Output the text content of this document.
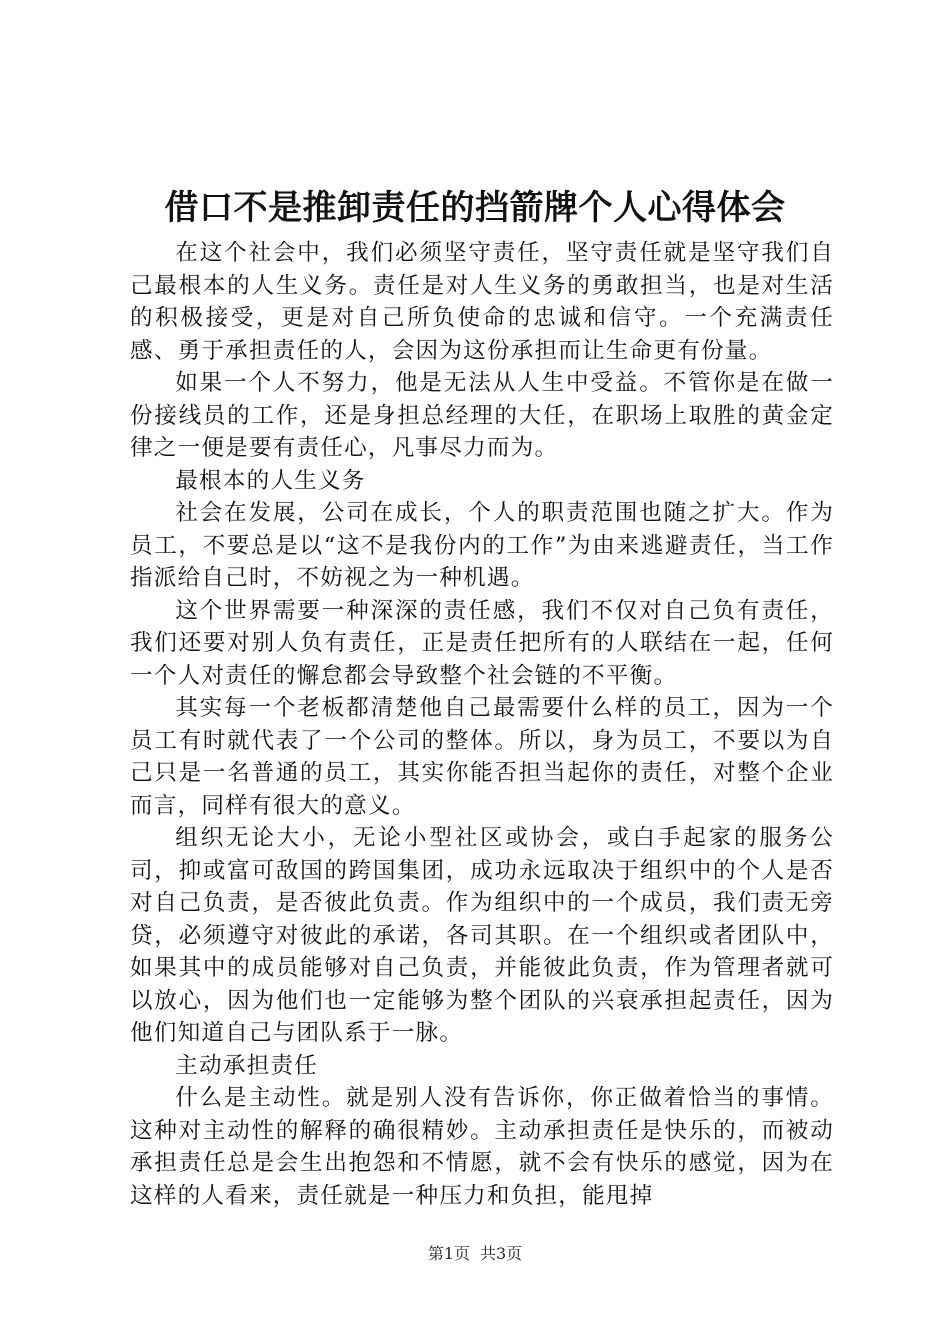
借口不是推卸责任的挡箭牌个人心得体会

在这个社会中，我们必须坚守责任，坚守责任就是坚守我们自己最根本的人生义务。责任是对人生义务的勇敢担当，也是对生活的积极接受，更是对自己所负使命的忠诚和信守。一个充满责任感、勇于承担责任的人，会因为这份承担而让生命更有份量。

如果一个人不努力，他是无法从人生中受益。不管你是在做一份接线员的工作，还是身担总经理的大任，在职场上取胜的黄金定律之一便是要有责任心，凡事尽力而为。

最根本的人生义务

社会在发展，公司在成长，个人的职责范围也随之扩大。作为员工，不要总是以“这不是我份内的工作”为由来逃避责任，当工作指派给自己时，不妨视之为一种机遇。

这个世界需要一种深深的责任感，我们不仅对自己负有责任，我们还要对别人负有责任，正是责任把所有的人联结在一起，任何一个人对责任的懈怠都会导致整个社会链的不平衡。

其实每一个老板都清楚他自己最需要什么样的员工，因为一个员工有时就代表了一个公司的整体。所以，身为员工，不要以为自己只是一名普通的员工，其实你能否担当起你的责任，对整个企业而言，同样有很大的意义。

组织无论大小，无论小型社区或协会，或白手起家的服务公司，抑或富可敌国的跨国集团，成功永远取决于组织中的个人是否对自己负责，是否彼此负责。作为组织中的一个成员，我们责无旁贷，必须遵守对彼此的承诺，各司其职。在一个组织或者团队中，如果其中的成员能够对自己负责，并能彼此负责，作为管理者就可以放心，因为他们也一定能够为整个团队的兴衰承担起责任，因为他们知道自己与团队系于一脉。

主动承担责任

什么是主动性。就是别人没有告诉你，你正做着恰当的事情。这种对主动性的解释的确很精妙。主动承担责任是快乐的，而被动承担责任总是会生出抱怨和不情愿，就不会有快乐的感觉，因为在这样的人看来，责任就是一种压力和负担，能甩掉

第1页 共3页
